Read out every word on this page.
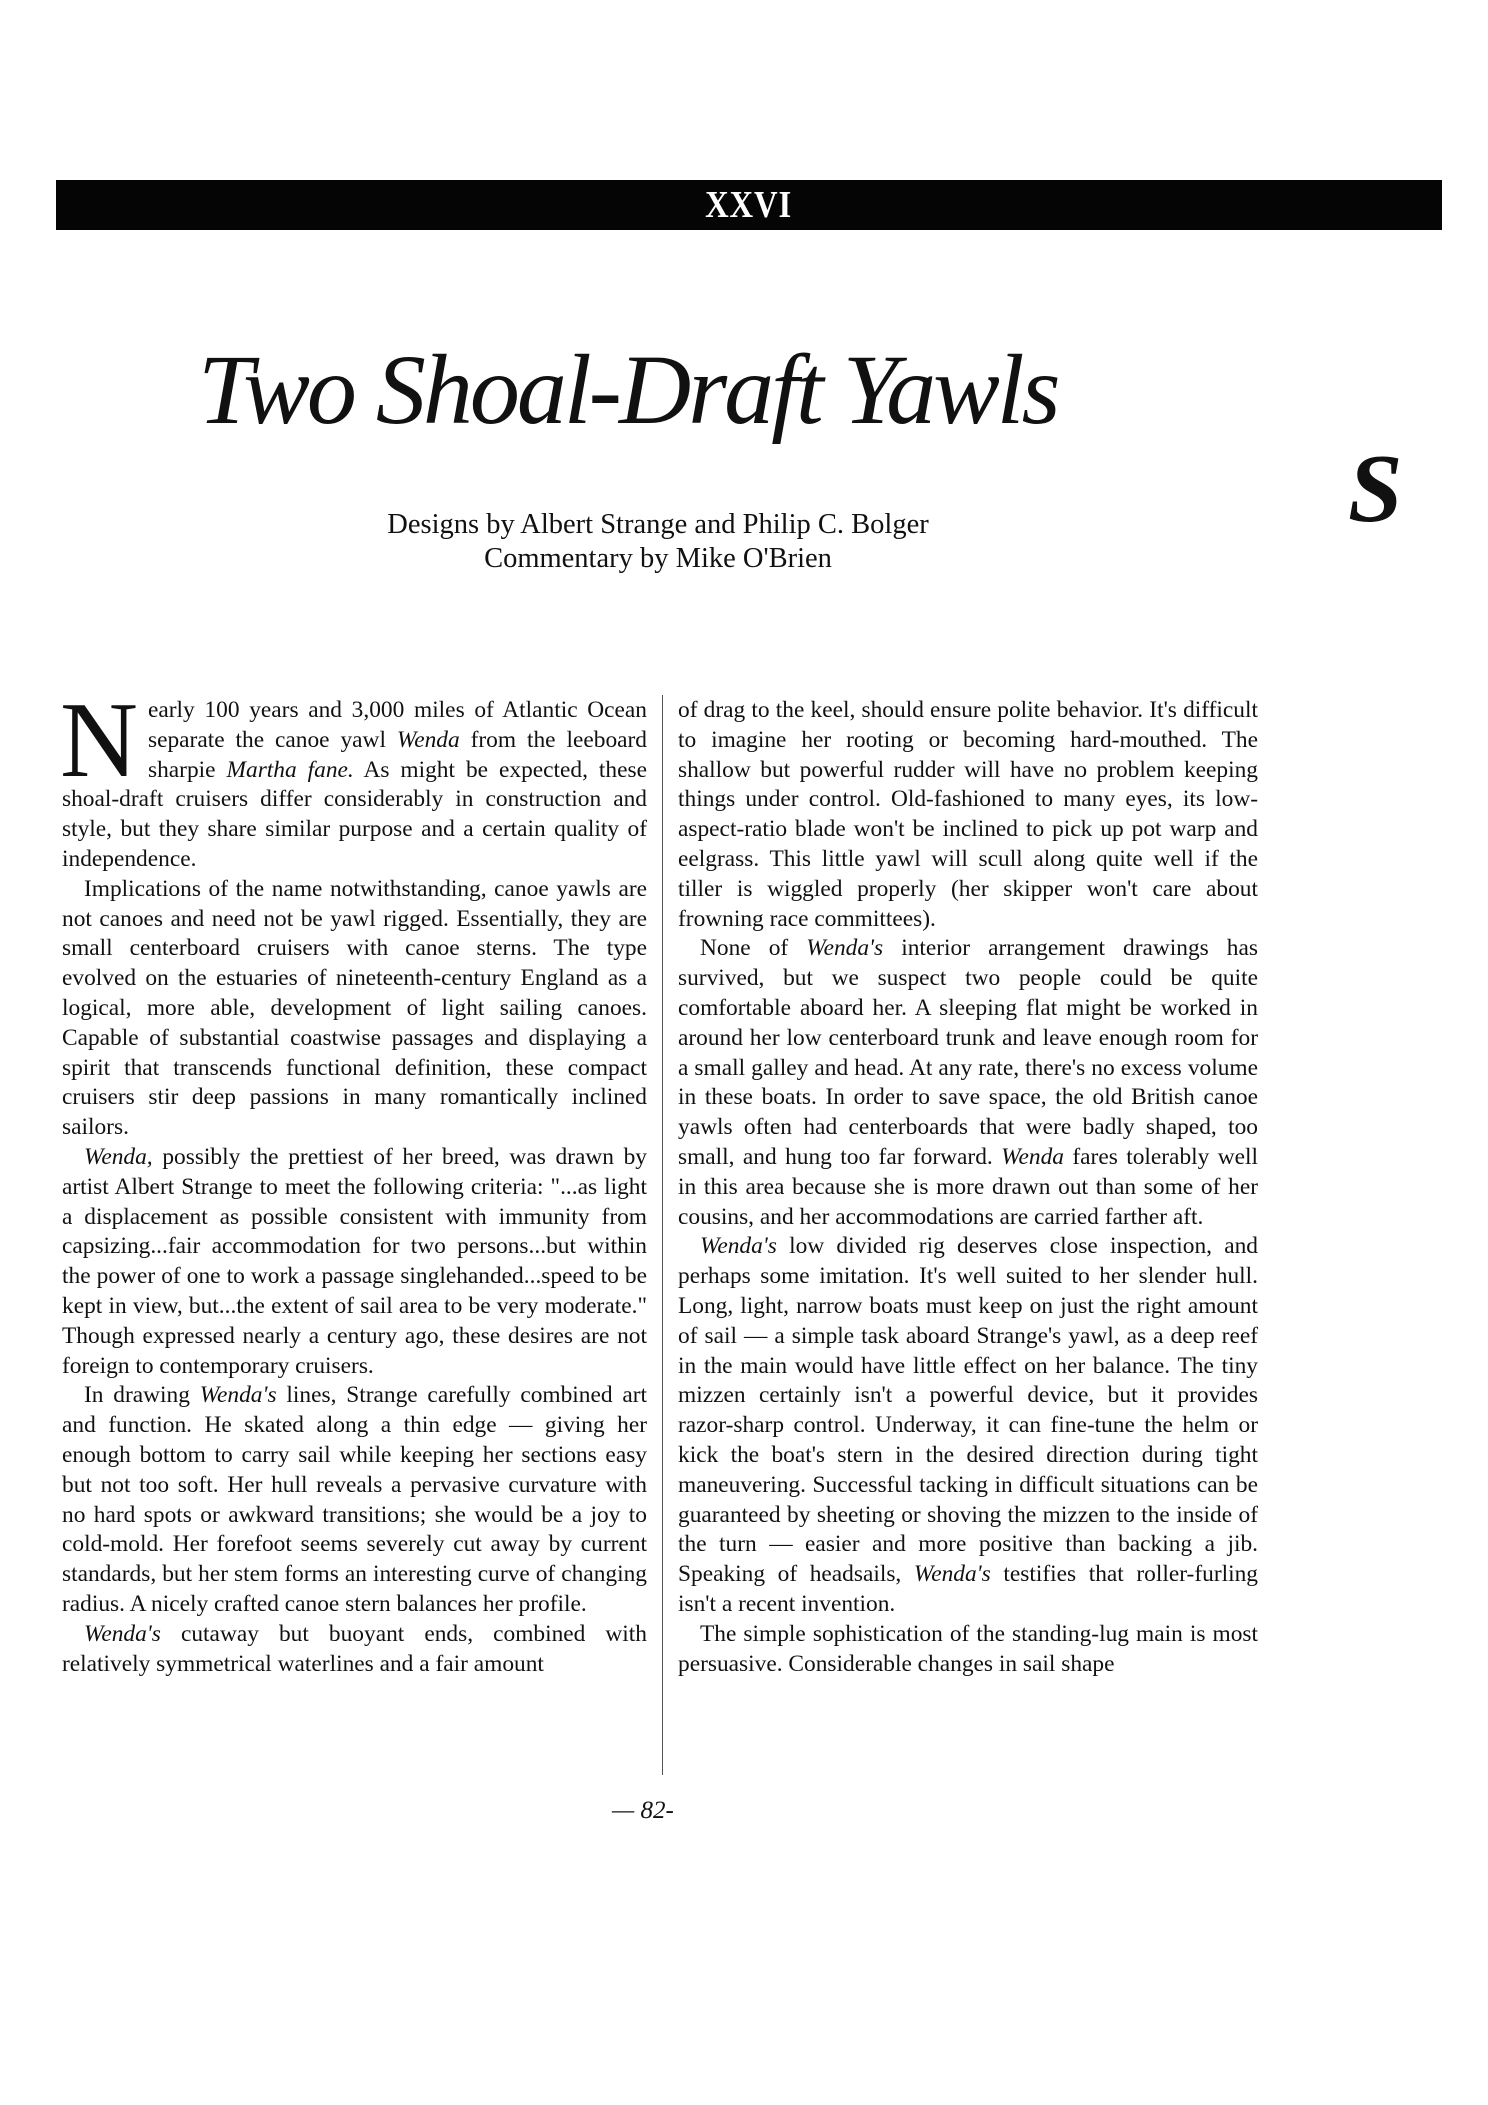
XXVI
Two Shoal-Draft Yawls
S
Designs by Albert Strange and Philip C. Bolger
Commentary by Mike O'Brien

Nearly 100 years and 3,000 miles of Atlantic Ocean separate the canoe yawl Wenda from the leeboard sharpie Martha fane. As might be expected, these shoal-draft cruisers differ considerably in construction and style, but they share similar purpose and a certain quality of independence.

Implications of the name notwithstanding, canoe yawls are not canoes and need not be yawl rigged. Essentially, they are small centerboard cruisers with canoe sterns. The type evolved on the estuaries of nineteenth-century England as a logical, more able, development of light sailing canoes. Capable of substantial coastwise passages and displaying a spirit that transcends functional definition, these compact cruisers stir deep passions in many romantically inclined sailors.

Wenda, possibly the prettiest of her breed, was drawn by artist Albert Strange to meet the following criteria: "...as light a displacement as possible consistent with immunity from capsizing...fair accommodation for two persons...but within the power of one to work a passage singlehanded...speed to be kept in view, but...the extent of sail area to be very moderate." Though expressed nearly a century ago, these desires are not foreign to contemporary cruisers.

In drawing Wenda's lines, Strange carefully combined art and function. He skated along a thin edge — giving her enough bottom to carry sail while keeping her sections easy but not too soft. Her hull reveals a pervasive curvature with no hard spots or awkward transitions; she would be a joy to cold-mold. Her forefoot seems severely cut away by current standards, but her stem forms an interesting curve of changing radius. A nicely crafted canoe stern balances her profile.

Wenda's cutaway but buoyant ends, combined with relatively symmetrical waterlines and a fair amount

of drag to the keel, should ensure polite behavior. It's difficult to imagine her rooting or becoming hard-mouthed. The shallow but powerful rudder will have no problem keeping things under control. Old-fashioned to many eyes, its low-aspect-ratio blade won't be inclined to pick up pot warp and eelgrass. This little yawl will scull along quite well if the tiller is wiggled properly (her skipper won't care about frowning race committees).

None of Wenda's interior arrangement drawings has survived, but we suspect two people could be quite comfortable aboard her. A sleeping flat might be worked in around her low centerboard trunk and leave enough room for a small galley and head. At any rate, there's no excess volume in these boats. In order to save space, the old British canoe yawls often had centerboards that were badly shaped, too small, and hung too far forward. Wenda fares tolerably well in this area because she is more drawn out than some of her cousins, and her accommodations are carried farther aft.

Wenda's low divided rig deserves close inspection, and perhaps some imitation. It's well suited to her slender hull. Long, light, narrow boats must keep on just the right amount of sail — a simple task aboard Strange's yawl, as a deep reef in the main would have little effect on her balance. The tiny mizzen certainly isn't a powerful device, but it provides razor-sharp control. Underway, it can fine-tune the helm or kick the boat's stern in the desired direction during tight maneuvering. Successful tacking in difficult situations can be guaranteed by sheeting or shoving the mizzen to the inside of the turn — easier and more positive than backing a jib. Speaking of headsails, Wenda's testifies that roller-furling isn't a recent invention.

The simple sophistication of the standing-lug main is most persuasive. Considerable changes in sail shape

— 82-
